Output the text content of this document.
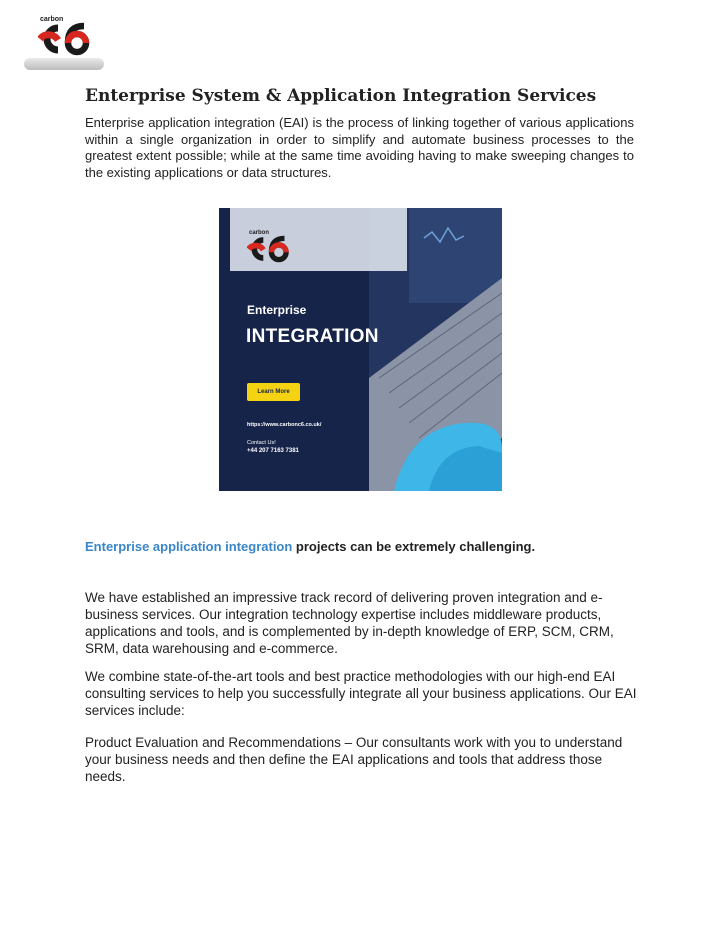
carbon
Enterprise System & Application Integration Services

Enterprise application integration (EAI) is the process of linking together of various applications within a single organization in order to simplify and automate business processes to the greatest extent possible; while at the same time avoiding having to make sweeping changes to the existing applications or data structures.

carbon
Enterprise
INTEGRATION
Learn More
https://www.carbonc6.co.uk/
Contact Us!
+44 207 7163 7381

Enterprise application integration projects can be extremely challenging.

We have established an impressive track record of delivering proven integration and e-business services. Our integration technology expertise includes middleware products, applications and tools, and is complemented by in-depth knowledge of ERP, SCM, CRM, SRM, data warehousing and e-commerce.

We combine state-of-the-art tools and best practice methodologies with our high-end EAI consulting services to help you successfully integrate all your business applications. Our EAI services include:

Product Evaluation and Recommendations – Our consultants work with you to understand your business needs and then define the EAI applications and tools that address those needs.
